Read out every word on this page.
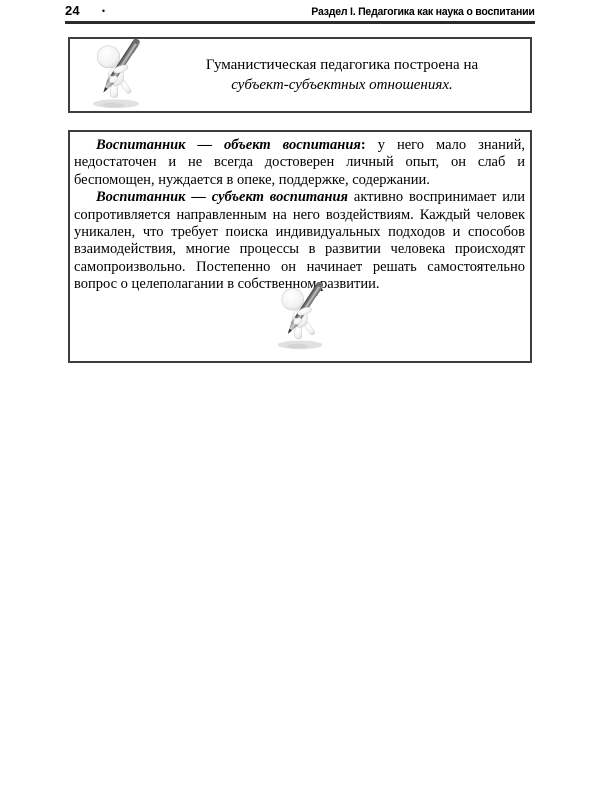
24 •	Раздел I. Педагогика как наука о воспитании
Гуманистическая педагогика построена на
субъект-субъектных отношениях.

Воспитанник — объект воспитания: у него мало знаний, недостаточен и не всегда достоверен личный опыт, он слаб и беспомощен, нуждается в опеке, поддержке, содержании.

Воспитанник — субъект воспитания активно воспринимает или сопротивляется направленным на него воздействиям. Каждый человек уникален, что требует поиска индивидуальных подходов и способов взаимодействия, многие процессы в развитии человека происходят самопроизвольно. Постепенно он начинает решать самостоятельно вопрос о целеполагании в собственном развитии.
